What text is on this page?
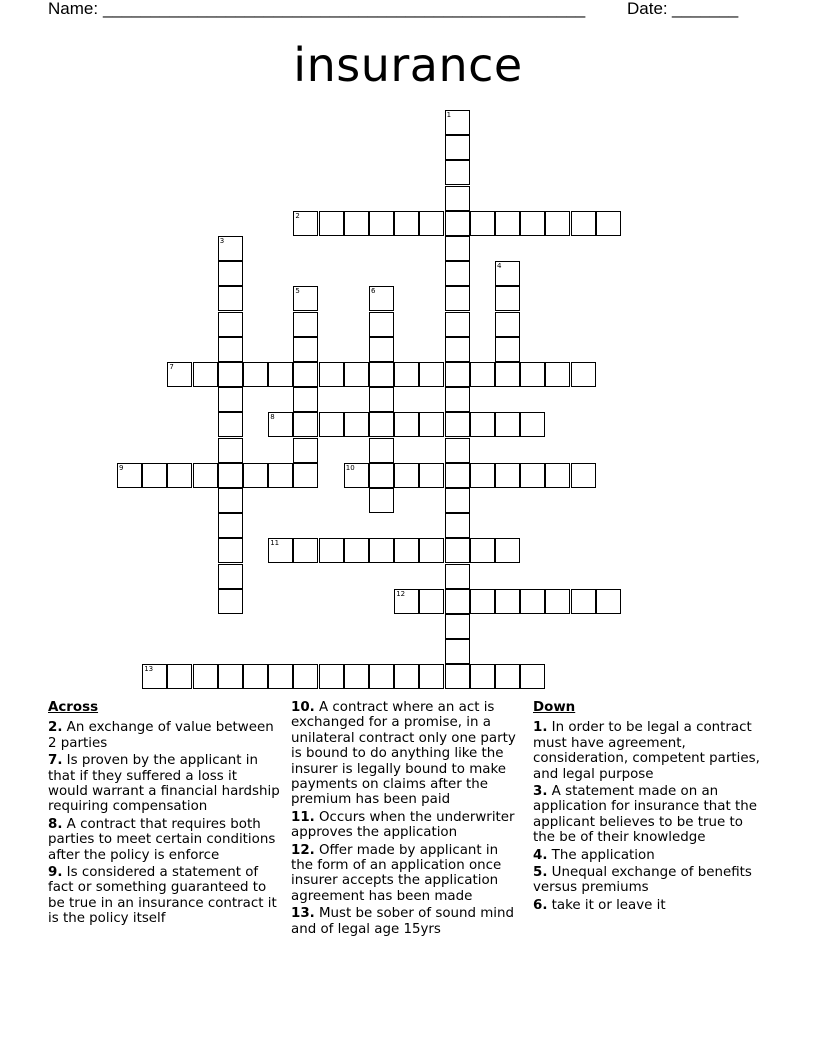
Name: ___________________________________________________ Date: _______
insurance
1
2
3
4
5	6
7
8
9	10
11
12
13
Across
2. An exchange of value between 2 parties
7. Is proven by the applicant in that if they suffered a loss it would warrant a financial hardship requiring compensation
8. A contract that requires both parties to meet certain conditions after the policy is enforce
9. Is considered a statement of fact or something guaranteed to be true in an insurance contract it is the policy itself
10. A contract where an act is exchanged for a promise, in a unilateral contract only one party is bound to do anything like the insurer is legally bound to make payments on claims after the premium has been paid
11. Occurs when the underwriter approves the application
12. Offer made by applicant in the form of an application once insurer accepts the application agreement has been made
13. Must be sober of sound mind and of legal age 15yrs
Down
1. In order to be legal a contract must have agreement, consideration, competent parties, and legal purpose
3. A statement made on an application for insurance that the applicant believes to be true to the be of their knowledge
4. The application
5. Unequal exchange of benefits versus premiums
6. take it or leave it
